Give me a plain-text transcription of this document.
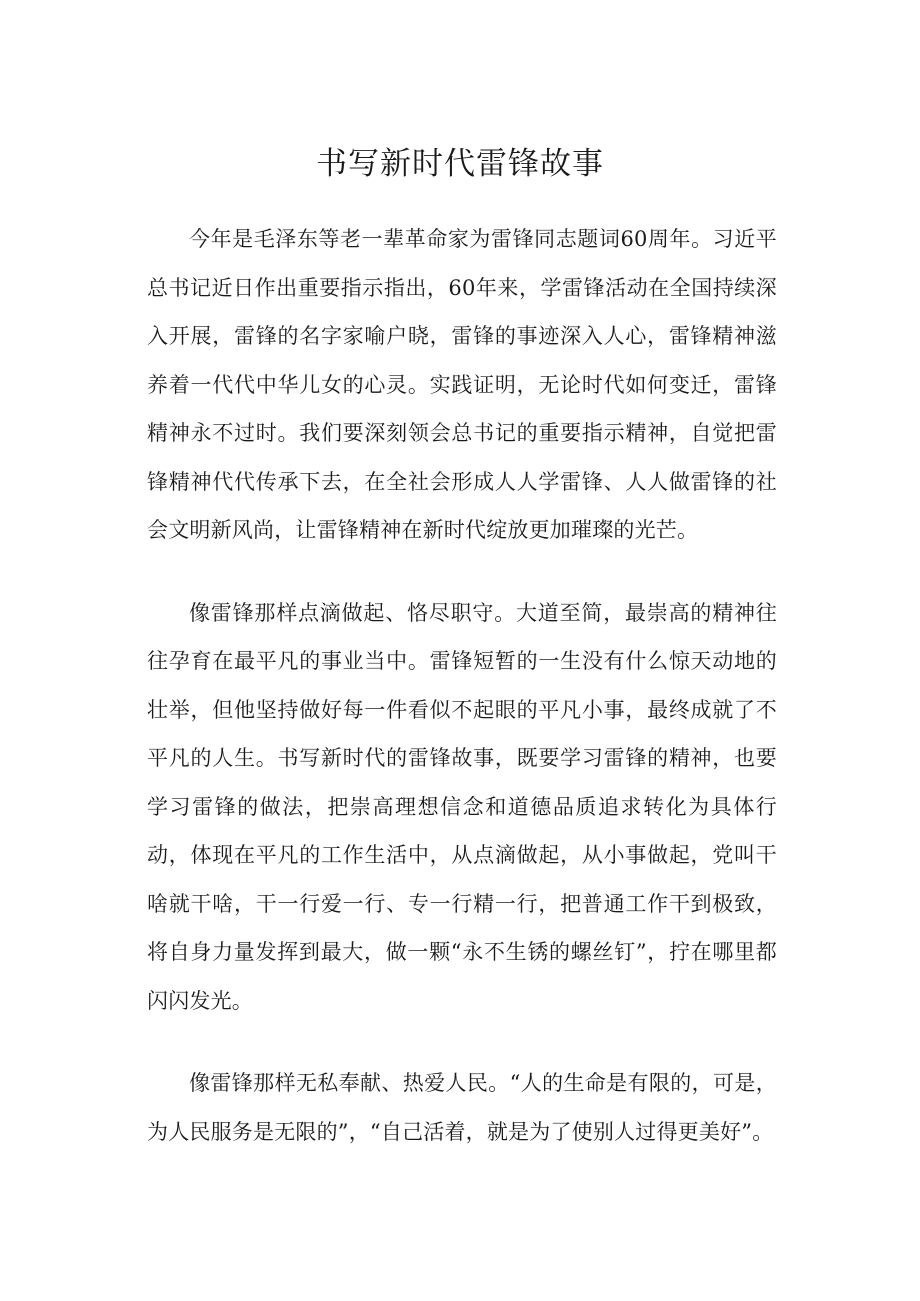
书写新时代雷锋故事

今年是毛泽东等老一辈革命家为雷锋同志题词60周年。习近平总书记近日作出重要指示指出，60年来，学雷锋活动在全国持续深入开展，雷锋的名字家喻户晓，雷锋的事迹深入人心，雷锋精神滋养着一代代中华儿女的心灵。实践证明，无论时代如何变迁，雷锋精神永不过时。我们要深刻领会总书记的重要指示精神，自觉把雷锋精神代代传承下去，在全社会形成人人学雷锋、人人做雷锋的社会文明新风尚，让雷锋精神在新时代绽放更加璀璨的光芒。

像雷锋那样点滴做起、恪尽职守。大道至简，最崇高的精神往往孕育在最平凡的事业当中。雷锋短暂的一生没有什么惊天动地的壮举，但他坚持做好每一件看似不起眼的平凡小事，最终成就了不平凡的人生。书写新时代的雷锋故事，既要学习雷锋的精神，也要学习雷锋的做法，把崇高理想信念和道德品质追求转化为具体行动，体现在平凡的工作生活中，从点滴做起，从小事做起，党叫干啥就干啥，干一行爱一行、专一行精一行，把普通工作干到极致，将自身力量发挥到最大，做一颗“永不生锈的螺丝钉”，拧在哪里都闪闪发光。

像雷锋那样无私奉献、热爱人民。“人的生命是有限的，可是，为人民服务是无限的”，“自己活着，就是为了使别人过得更美好”。
